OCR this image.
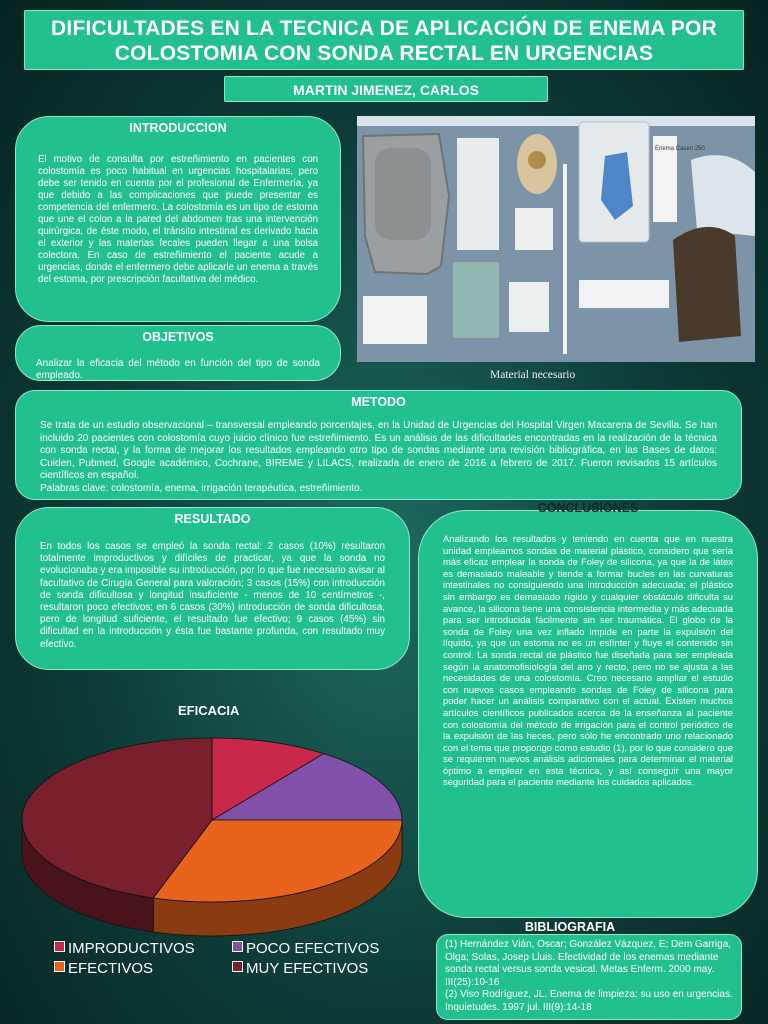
DIFICULTADES EN LA TECNICA DE APLICACIÓN DE ENEMA POR COLOSTOMIA CON SONDA RECTAL EN URGENCIAS
MARTIN JIMENEZ, CARLOS
INTRODUCCION
El motivo de consulta por estreñimiento en pacientes con colostomía es poco habitual en urgencias hospitalarias, pero debe ser tenido en cuenta por el profesional de Enfermería, ya que debido a las complicaciones que puede presentar es competencia del enfermero. La colostomía es un tipo de estoma que une el colon a la pared del abdomen tras una intervención quirúrgica, de éste modo, el tránsito intestinal es derivado hacia el exterior y las materias fecales pueden llegar a una bolsa colectora. En caso de estreñimiento el paciente acude a urgencias, donde el enfermero debe aplicarle un enema a través del estoma, por prescripción facultativa del médico.
OBJETIVOS
Analizar la eficacia del método en función del tipo de sonda empleado.
Enema Casen 250
Material necesario
METODO
Se trata de un estudio observacional – transversal empleando porcentajes, en la Unidad de Urgencias del Hospital Virgen Macarena de Sevilla. Se han incluido 20 pacientes con colostomía cuyo juicio clínico fue estreñimiento. Es un análisis de las dificultades encontradas en la realización de la técnica con sonda rectal, y la forma de mejorar los resultados empleando otro tipo de sondas mediante una revisión bibliográfica, en las Bases de datos: Cuiden, Pubmed, Google académico, Cochrane, BIREME y LILACS, realizada de enero de 2016 a febrero de 2017. Fueron revisados 15 artículos científicos en español.
Palabras clave: colostomía, enema, irrigación terapéutica, estreñimiento.
RESULTADO
En todos los casos se empleó la sonda rectal: 2 casos (10%) resultaron totalmente improductivos y difíciles de practicar, ya que la sonda no evolucionaba y era imposible su introducción, por lo que fue necesario avisar al facultativo de Cirugía General para valoración; 3 casos (15%) con introducción de sonda dificultosa y longitud insuficiente - menos de 10 centímetros -, resultaron poco efectivos; en 6 casos (30%) introducción de sonda dificultosa, pero de longitud suficiente, el resultado fue efectivo; 9 casos (45%) sin dificultad en la introducción y ésta fue bastante profunda, con resultado muy efectivo.
CONCLUSIONES
Analizando los resultados y teniendo en cuenta que en nuestra unidad empleamos sondas de material plástico, considero que sería más eficaz emplear la sonda de Foley de silicona, ya que la de látex es demasiado maleable y tiende a formar bucles en las curvaturas intestinales no consiguiendo una introducción adecuada; el plástico sin embargo es demasiado rígido y cualquier obstáculo dificulta su avance, la silicona tiene una consistencia intermedia y más adecuada para ser introducida fácilmente sin ser traumática. El globo de la sonda de Foley una vez inflado impide en parte la expulsión del líquido, ya que un estoma no es un esfínter y fluye el contenido sin control. La sonda rectal de plástico fue diseñada para ser empleada según la anatomofisiología del ano y recto, pero no se ajusta a las necesidades de una colostomía. Creo necesario ampliar el estudio con nuevos casos empleando sondas de Foley de silicona para poder hacer un análisis comparativo con el actual. Existen muchos artículos científicos publicados acerca de la enseñanza al paciente con colostomía del método de irrigación para el control periódico de la expulsión de las heces, pero sólo he encontrado uno relacionado con el tema que propongo como estudio (1), por lo que considero que se requieren nuevos análisis adicionales para determinar el material óptimo a emplear en esta técnica, y así conseguir una mayor seguridad para el paciente mediante los cuidados aplicados.
BIBLIOGRAFIA
(1) Hernández Vián, Oscar; González Vázquez, E; Dem Garriga, Olga; Solas, Josep Lluis. Efectividad de los enemas mediante sonda rectal versus sonda vesical. Metas Enferm. 2000 may. III(25):10-16
(2) Viso Rodríguez, JL. Enema de limpieza: su uso en urgencias. Inquietudes. 1997 jul. III(9):14-18
EFICACIA
IMPRODUCTIVOS	POCO EFECTIVOS
EFECTIVOS	MUY EFECTIVOS
